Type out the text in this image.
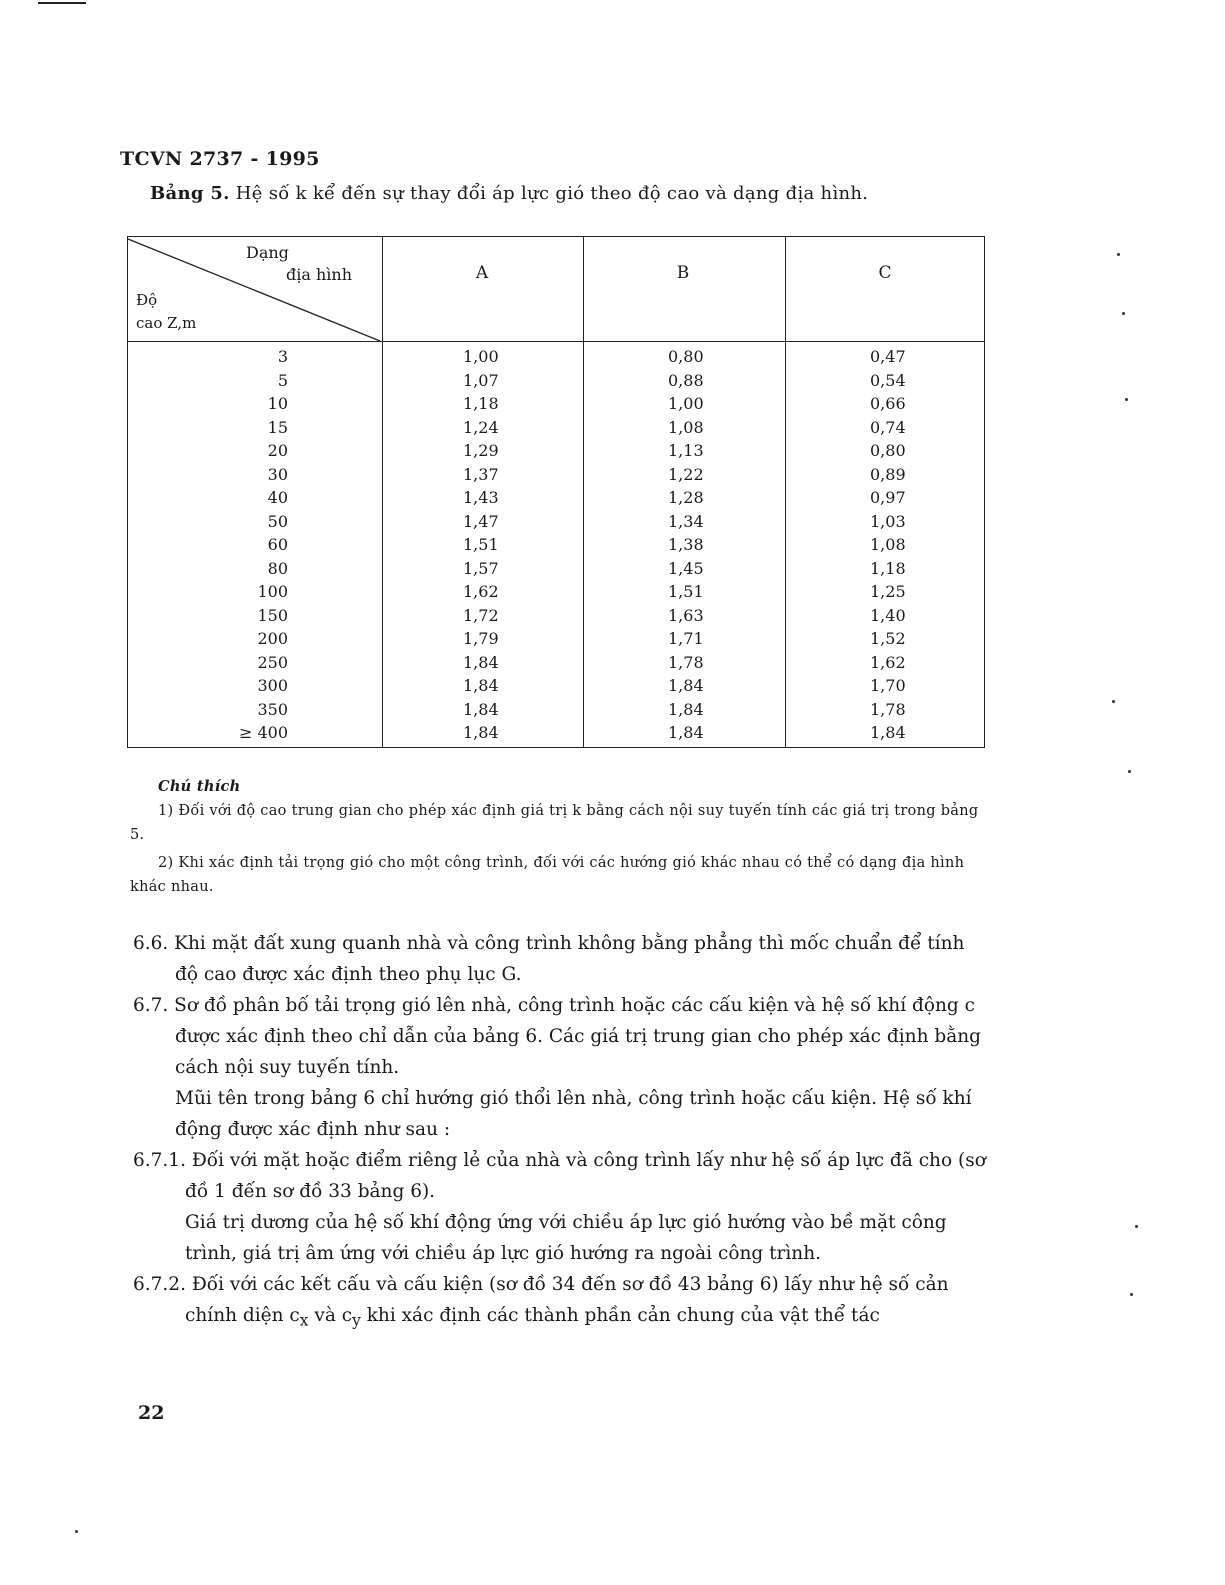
TCVN 2737 - 1995
Bảng 5. Hệ số k kể đến sự thay đổi áp lực gió theo độ cao và dạng địa hình.
Dạng
địa hình
Độ
cao Z,m
A	B	C
3
5
10
15
20
30
40
50
60
80
100
150
200
250
300
350
≥ 400
1,00
1,07
1,18
1,24
1,29
1,37
1,43
1,47
1,51
1,57
1,62
1,72
1,79
1,84
1,84
1,84
1,84
0,80
0,88
1,00
1,08
1,13
1,22
1,28
1,34
1,38
1,45
1,51
1,63
1,71
1,78
1,84
1,84
1,84
0,47
0,54
0,66
0,74
0,80
0,89
0,97
1,03
1,08
1,18
1,25
1,40
1,52
1,62
1,70
1,78
1,84
Chú thích

1) Đối với độ cao trung gian cho phép xác định giá trị k bằng cách nội suy tuyến tính các giá trị trong bảng 5.

2) Khi xác định tải trọng gió cho một công trình, đối với các hướng gió khác nhau có thể có dạng địa hình khác nhau.

6.6. Khi mặt đất xung quanh nhà và công trình không bằng phẳng thì mốc chuẩn để tính độ cao được xác định theo phụ lục G.

6.7. Sơ đồ phân bố tải trọng gió lên nhà, công trình hoặc các cấu kiện và hệ số khí động c được xác định theo chỉ dẫn của bảng 6. Các giá trị trung gian cho phép xác định bằng cách nội suy tuyến tính.

Mũi tên trong bảng 6 chỉ hướng gió thổi lên nhà, công trình hoặc cấu kiện. Hệ số khí động được xác định như sau :

6.7.1. Đối với mặt hoặc điểm riêng lẻ của nhà và công trình lấy như hệ số áp lực đã cho (sơ đồ 1 đến sơ đồ 33 bảng 6).

Giá trị dương của hệ số khí động ứng với chiều áp lực gió hướng vào bề mặt công trình, giá trị âm ứng với chiều áp lực gió hướng ra ngoài công trình.

6.7.2. Đối với các kết cấu và cấu kiện (sơ đồ 34 đến sơ đồ 43 bảng 6) lấy như hệ số cản chính diện $c_x$ và $c_y$ khi xác định các thành phần cản chung của vật thể tác

22
